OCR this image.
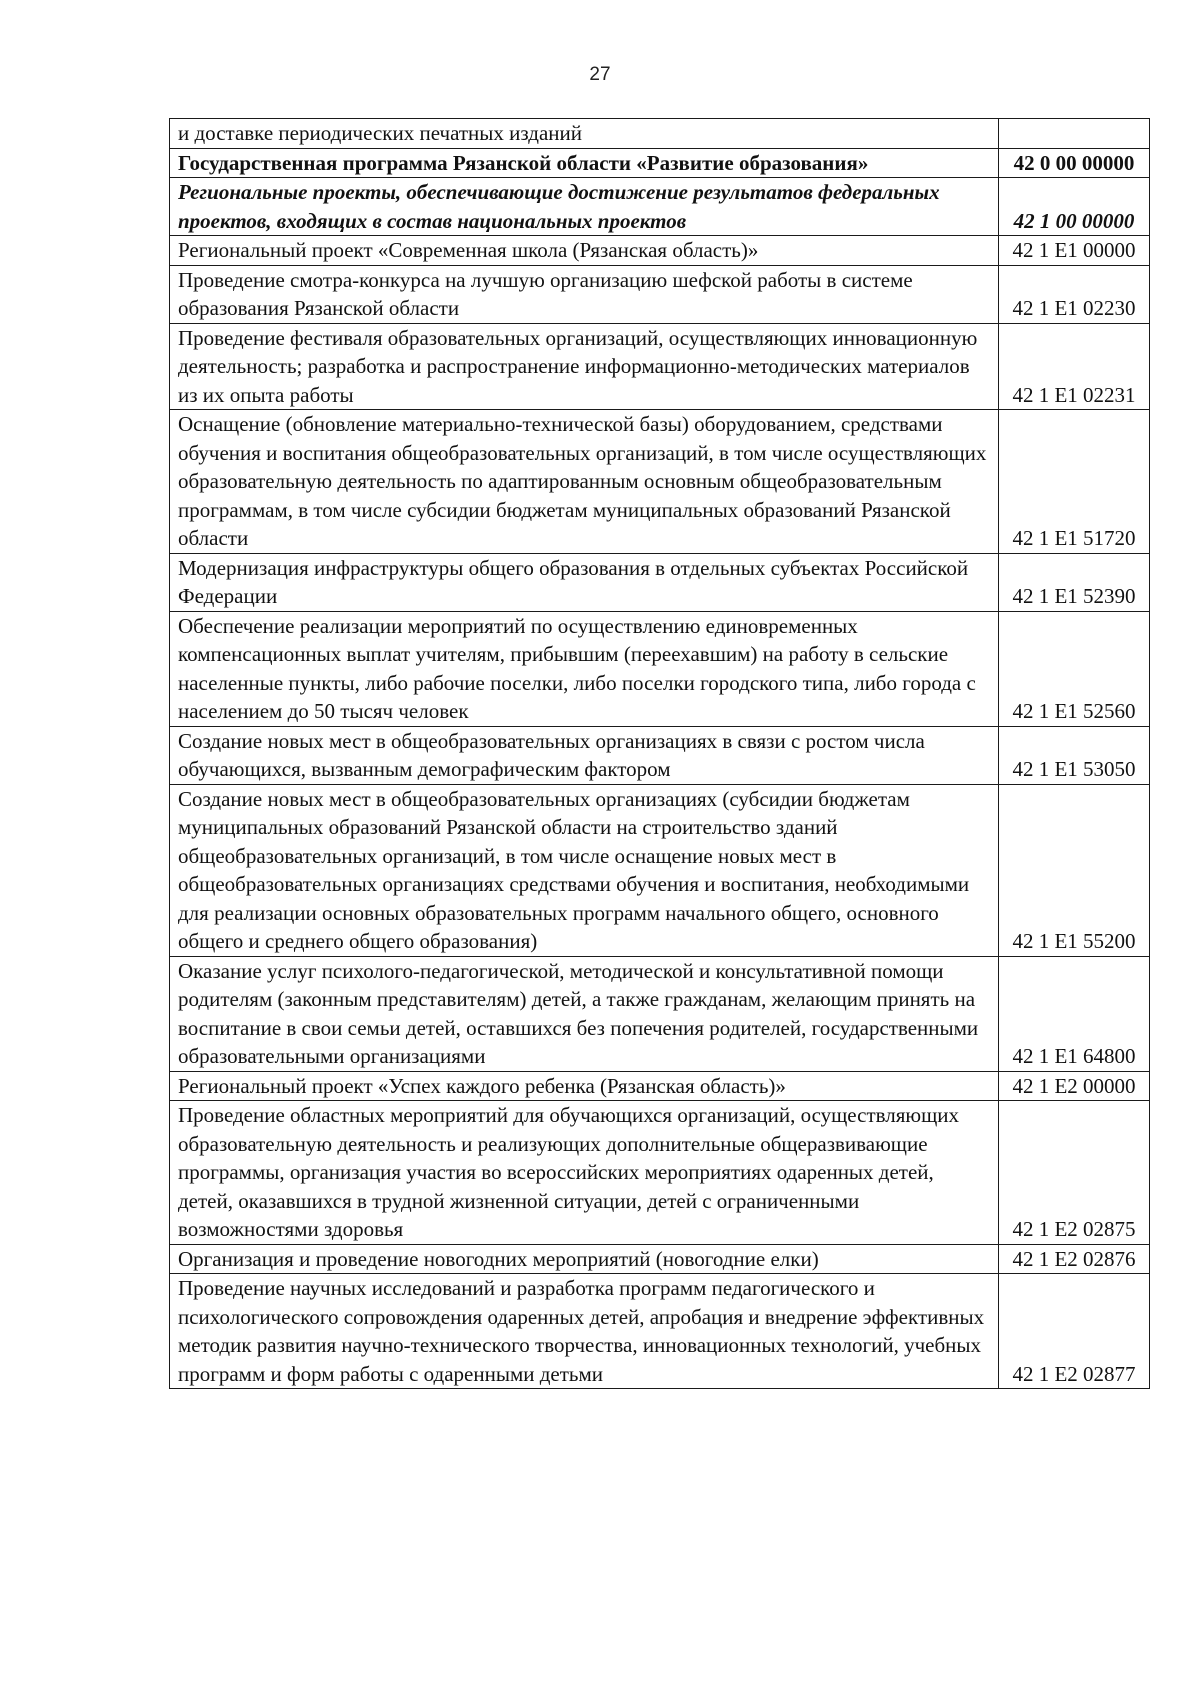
27
и доставке периодических печатных изданий	
Государственная программа Рязанской области «Развитие образования»	42 0 00 00000
Региональные проекты, обеспечивающие достижение результатов федеральных проектов, входящих в состав национальных проектов	42 1 00 00000
Региональный проект «Современная школа (Рязанская область)»	42 1 E1 00000
Проведение смотра-конкурса на лучшую организацию шефской работы в системе образования Рязанской области	42 1 E1 02230
Проведение фестиваля образовательных организаций, осуществляющих инновационную деятельность; разработка и распространение информационно-методических материалов из их опыта работы	42 1 E1 02231
Оснащение (обновление материально-технической базы) оборудованием, средствами обучения и воспитания общеобразовательных организаций, в том числе осуществляющих образовательную деятельность по адаптированным основным общеобразовательным программам, в том числе субсидии бюджетам муниципальных образований Рязанской области	42 1 E1 51720
Модернизация инфраструктуры общего образования в отдельных субъектах Российской Федерации	42 1 E1 52390
Обеспечение реализации мероприятий по осуществлению единовременных компенсационных выплат учителям, прибывшим (переехавшим) на работу в сельские населенные пункты, либо рабочие поселки, либо поселки городского типа, либо города с населением до 50 тысяч человек	42 1 E1 52560
Создание новых мест в общеобразовательных организациях в связи с ростом числа обучающихся, вызванным демографическим фактором	42 1 E1 53050
Создание новых мест в общеобразовательных организациях (субсидии бюджетам муниципальных образований Рязанской области на строительство зданий общеобразовательных организаций, в том числе оснащение новых мест в общеобразовательных организациях средствами обучения и воспитания, необходимыми для реализации основных образовательных программ начального общего, основного общего и среднего общего образования)	42 1 E1 55200
Оказание услуг психолого-педагогической, методической и консультативной помощи родителям (законным представителям) детей, а также гражданам, желающим принять на воспитание в свои семьи детей, оставшихся без попечения родителей, государственными образовательными организациями	42 1 E1 64800
Региональный проект «Успех каждого ребенка (Рязанская область)»	42 1 E2 00000
Проведение областных мероприятий для обучающихся организаций, осуществляющих образовательную деятельность и реализующих дополнительные общеразвивающие программы, организация участия во всероссийских мероприятиях одаренных детей, детей, оказавшихся в трудной жизненной ситуации, детей с ограниченными возможностями здоровья	42 1 E2 02875
Организация и проведение новогодних мероприятий (новогодние елки)	42 1 E2 02876
Проведение научных исследований и разработка программ педагогического и психологического сопровождения одаренных детей, апробация и внедрение эффективных методик развития научно-технического творчества, инновационных технологий, учебных программ и форм работы с одаренными детьми	42 1 E2 02877
